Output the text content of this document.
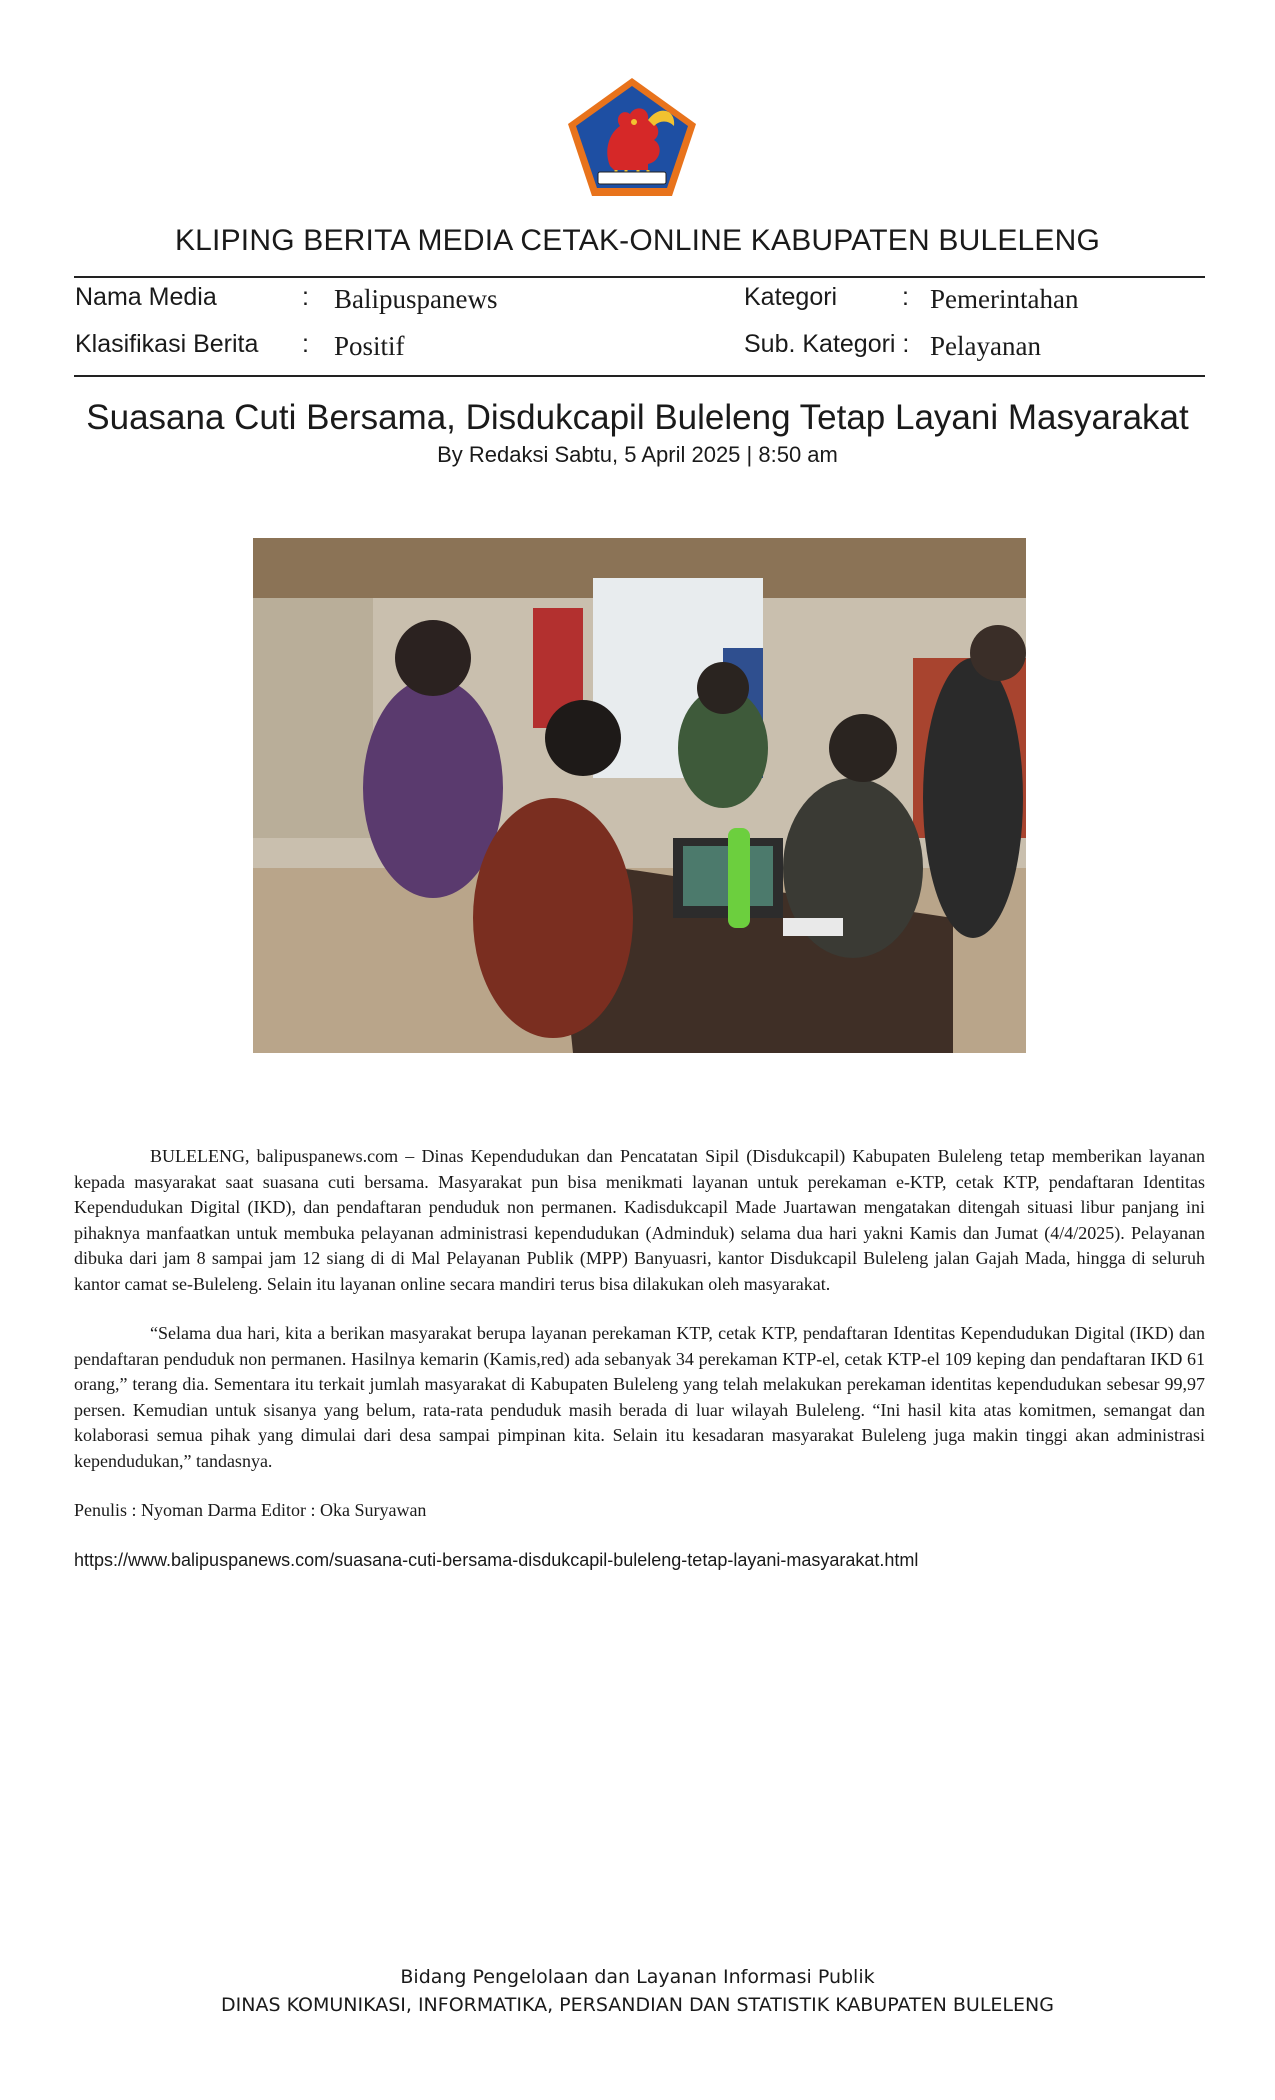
KLIPING BERITA MEDIA CETAK-ONLINE KABUPATEN BULELENG
Nama Media	: Balipuspanews	Kategori	: Pemerintahan
Klasifikasi Berita : Positif	Sub. Kategori : Pelayanan
Suasana Cuti Bersama, Disdukcapil Buleleng Tetap Layani Masyarakat
By Redaksi Sabtu, 5 April 2025 | 8:50 am

BULELENG, balipuspanews.com – Dinas Kependudukan dan Pencatatan Sipil (Disdukcapil) Kabupaten Buleleng tetap memberikan layanan kepada masyarakat saat suasana cuti bersama. Masyarakat pun bisa menikmati layanan untuk perekaman e-KTP, cetak KTP, pendaftaran Identitas Kependudukan Digital (IKD), dan pendaftaran penduduk non permanen. Kadisdukcapil Made Juartawan mengatakan ditengah situasi libur panjang ini pihaknya manfaatkan untuk membuka pelayanan administrasi kependudukan (Adminduk) selama dua hari yakni Kamis dan Jumat (4/4/2025). Pelayanan dibuka dari jam 8 sampai jam 12 siang di di Mal Pelayanan Publik (MPP) Banyuasri, kantor Disdukcapil Buleleng jalan Gajah Mada, hingga di seluruh kantor camat se-Buleleng. Selain itu layanan online secara mandiri terus bisa dilakukan oleh masyarakat.

“Selama dua hari, kita a berikan masyarakat berupa layanan perekaman KTP, cetak KTP, pendaftaran Identitas Kependudukan Digital (IKD) dan pendaftaran penduduk non permanen. Hasilnya kemarin (Kamis,red) ada sebanyak 34 perekaman KTP-el, cetak KTP-el 109 keping dan pendaftaran IKD 61 orang,” terang dia. Sementara itu terkait jumlah masyarakat di Kabupaten Buleleng yang telah melakukan perekaman identitas kependudukan sebesar 99,97 persen. Kemudian untuk sisanya yang belum, rata-rata penduduk masih berada di luar wilayah Buleleng. “Ini hasil kita atas komitmen, semangat dan kolaborasi semua pihak yang dimulai dari desa sampai pimpinan kita. Selain itu kesadaran masyarakat Buleleng juga makin tinggi akan administrasi kependudukan,” tandasnya.

Penulis : Nyoman Darma Editor : Oka Suryawan
https://www.balipuspanews.com/suasana-cuti-bersama-disdukcapil-buleleng-tetap-layani-masyarakat.html
Bidang Pengelolaan dan Layanan Informasi Publik
DINAS KOMUNIKASI, INFORMATIKA, PERSANDIAN DAN STATISTIK KABUPATEN BULELENG
